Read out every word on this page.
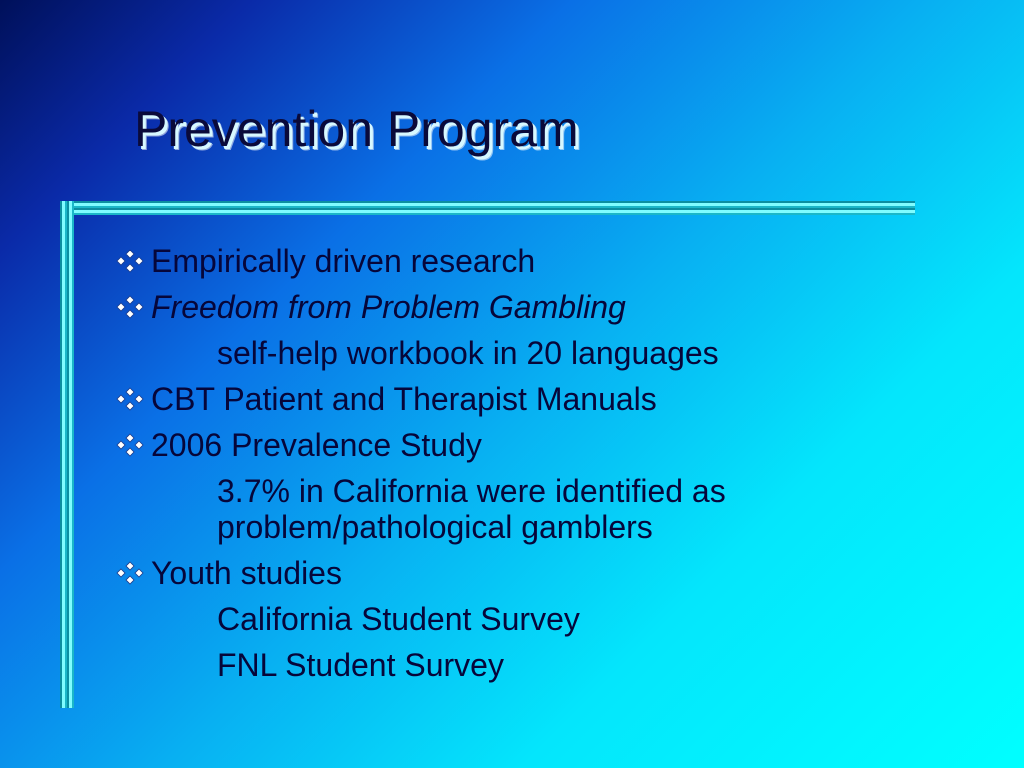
Prevention Program
Empirically driven research
Freedom from Problem Gambling
self-help workbook in 20 languages
CBT Patient and Therapist Manuals
2006 Prevalence Study
3.7% in California were identified as
problem/pathological gamblers
Youth studies
California Student Survey
FNL Student Survey
